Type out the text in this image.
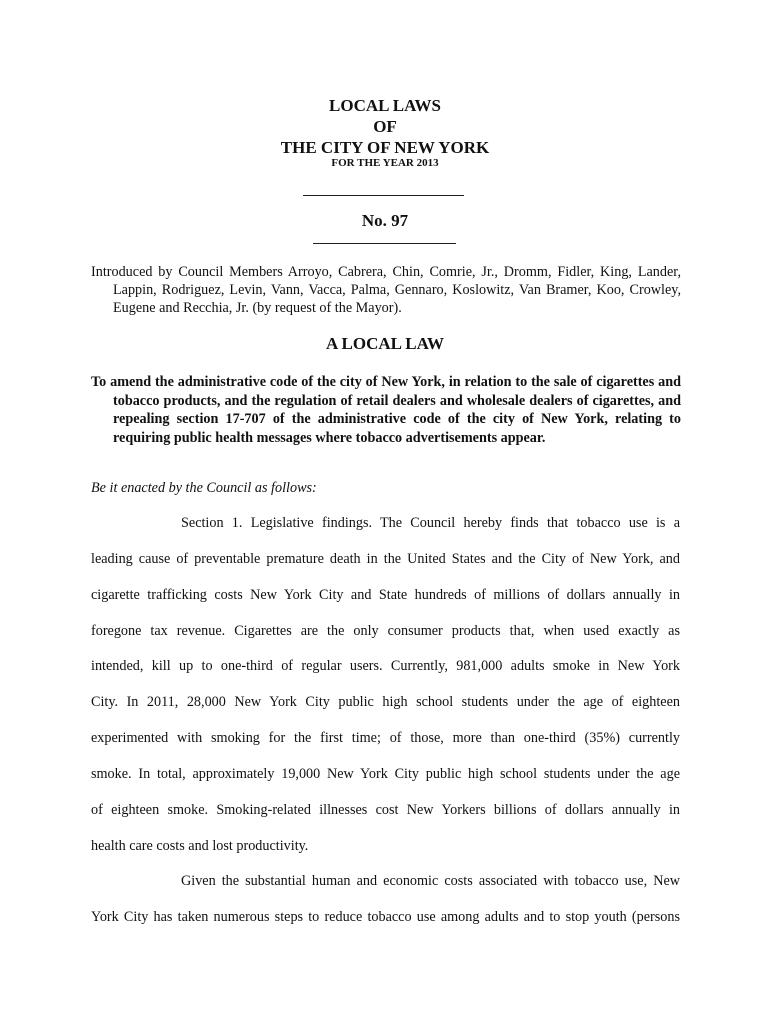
LOCAL LAWS
OF
THE CITY OF NEW YORK
FOR THE YEAR 2013
No. 97
Introduced by Council Members Arroyo, Cabrera, Chin, Comrie, Jr., Dromm, Fidler, King, Lander, Lappin, Rodriguez, Levin, Vann, Vacca, Palma, Gennaro, Koslowitz, Van Bramer, Koo, Crowley, Eugene and Recchia, Jr. (by request of the Mayor).
A LOCAL LAW
To amend the administrative code of the city of New York, in relation to the sale of cigarettes and tobacco products, and the regulation of retail dealers and wholesale dealers of cigarettes, and repealing section 17-707 of the administrative code of the city of New York, relating to requiring public health messages where tobacco advertisements appear.
Be it enacted by the Council as follows:
Section 1. Legislative findings. The Council hereby finds that tobacco use is a
leading cause of preventable premature death in the United States and the City of New York, and
cigarette trafficking costs New York City and State hundreds of millions of dollars annually in
foregone tax revenue. Cigarettes are the only consumer products that, when used exactly as
intended, kill up to one-third of regular users. Currently, 981,000 adults smoke in New York
City. In 2011, 28,000 New York City public high school students under the age of eighteen
experimented with smoking for the first time; of those, more than one-third (35%) currently
smoke. In total, approximately 19,000 New York City public high school students under the age
of eighteen smoke. Smoking-related illnesses cost New Yorkers billions of dollars annually in
health care costs and lost productivity.
Given the substantial human and economic costs associated with tobacco use, New
York City has taken numerous steps to reduce tobacco use among adults and to stop youth (persons
